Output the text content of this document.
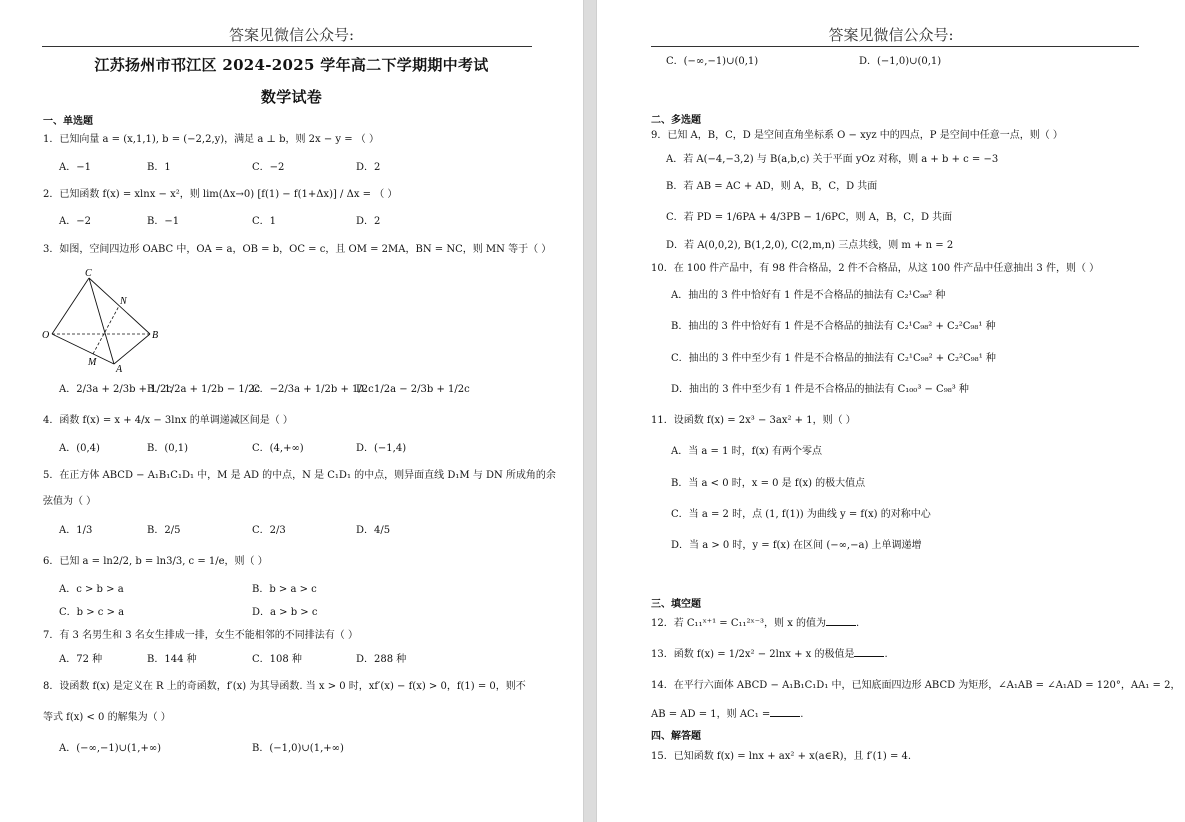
答案见微信公众号:
江苏扬州市邗江区 2024-2025 学年高二下学期期中考试
数学试卷
一、单选题
1．已知向量 a = (x,1,1), b = (−2,2,y)，满足 a ⊥ b，则 2x − y = （ ）
A．−1	B．1	C．−2	D．2
2．已知函数 f(x) = xlnx − x²，则 lim(Δx→0) [f(1) − f(1+Δx)] / Δx = （ ）
A．−2	B．−1	C．1	D．2
3．如图，空间四边形 OABC 中，OA = a，OB = b，OC = c，且 OM = 2MA，BN = NC，则 MN 等于（ ）
C
N
O	B
M
A
A．2/3a + 2/3b + 1/2c
B．1/2a + 1/2b − 1/2c
C．−2/3a + 1/2b + 1/2c
D．1/2a − 2/3b + 1/2c
4．函数 f(x) = x + 4/x − 3lnx 的单调递减区间是（ ）
A．(0,4)	B．(0,1)	C．(4,+∞)	D．(−1,4)
5．在正方体 ABCD − A₁B₁C₁D₁ 中，M 是 AD 的中点，N 是 C₁D₁ 的中点，则异面直线 D₁M 与 DN 所成角的余
弦值为（ ）
A．1/3	B．2/5	C．2/3	D．4/5
6．已知 a = ln2/2, b = ln3/3, c = 1/e，则（ ）
A．c > b > a	B．b > a > c
C．b > c > a	D．a > b > c
7．有 3 名男生和 3 名女生排成一排，女生不能相邻的不同排法有（ ）
A．72 种	B．144 种	C．108 种	D．288 种
8．设函数 f(x) 是定义在 R 上的奇函数，f′(x) 为其导函数. 当 x > 0 时，xf′(x) − f(x) > 0，f(1) = 0，则不
等式 f(x) < 0 的解集为（ ）
A．(−∞,−1)∪(1,+∞)	B．(−1,0)∪(1,+∞)
答案见微信公众号:
C．(−∞,−1)∪(0,1)	D．(−1,0)∪(0,1)
二、多选题
9．已知 A，B，C，D 是空间直角坐标系 O − xyz 中的四点，P 是空间中任意一点，则（ ）
A．若 A(−4,−3,2) 与 B(a,b,c) 关于平面 yOz 对称，则 a + b + c = −3
B．若 AB = AC + AD，则 A，B，C，D 共面
C．若 PD = 1/6PA + 4/3PB − 1/6PC，则 A，B，C，D 共面
D．若 A(0,0,2), B(1,2,0), C(2,m,n) 三点共线，则 m + n = 2
10．在 100 件产品中，有 98 件合格品，2 件不合格品，从这 100 件产品中任意抽出 3 件，则（ ）
A．抽出的 3 件中恰好有 1 件是不合格品的抽法有 C₂¹C₉₈² 种
B．抽出的 3 件中恰好有 1 件是不合格品的抽法有 C₂¹C₉₈² + C₂²C₉₈¹ 种
C．抽出的 3 件中至少有 1 件是不合格品的抽法有 C₂¹C₉₈² + C₂²C₉₈¹ 种
D．抽出的 3 件中至少有 1 件是不合格品的抽法有 C₁₀₀³ − C₉₈³ 种
11．设函数 f(x) = 2x³ − 3ax² + 1，则（ ）
A．当 a = 1 时，f(x) 有两个零点
B．当 a < 0 时，x = 0 是 f(x) 的极大值点
C．当 a = 2 时，点 (1, f(1)) 为曲线 y = f(x) 的对称中心
D．当 a > 0 时，y = f(x) 在区间 (−∞,−a) 上单调递增
三、填空题
12．若 C₁₁ˣ⁺¹ = C₁₁²ˣ⁻³，则 x 的值为	.
13．函数 f(x) = 1/2x² − 2lnx + x 的极值是	.
14．在平行六面体 ABCD − A₁B₁C₁D₁ 中，已知底面四边形 ABCD 为矩形，∠A₁AB = ∠A₁AD = 120°，AA₁ = 2，
AB = AD = 1，则 AC₁ =	.
四、解答题
15．已知函数 f(x) = lnx + ax² + x(a∈R)，且 f′(1) = 4.
